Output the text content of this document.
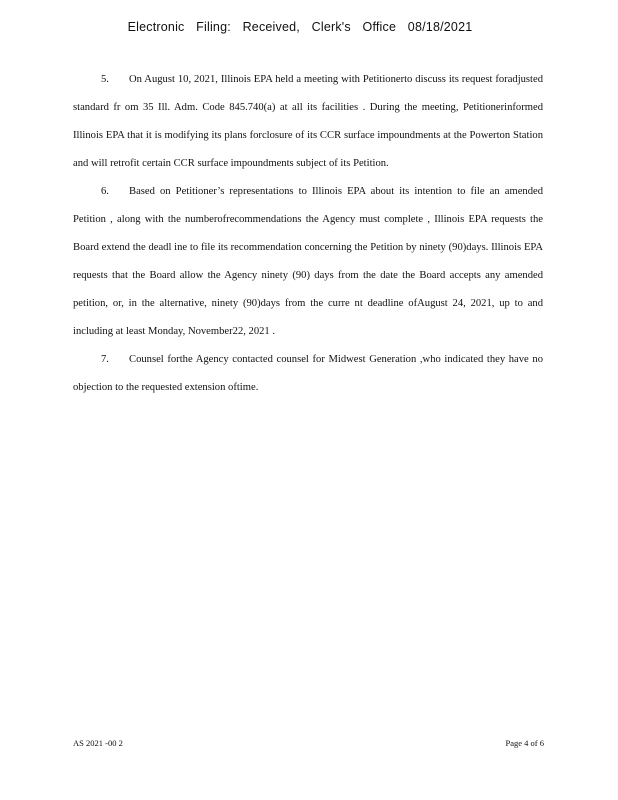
Electronic Filing: Received, Clerk's Office 08/18/2021

5. On August 10, 2021, Illinois EPA held a meeting with Petitionerto discuss its request foradjusted standard fr om 35 Ill. Adm. Code 845.740(a) at all its facilities . During the meeting, Petitionerinformed Illinois EPA that it is modifying its plans forclosure of its CCR surface impoundments at the Powerton Station and will retrofit certain CCR surface impoundments subject of its Petition.

6. Based on Petitioner’s representations to Illinois EPA about its intention to file an amended Petition , along with the numberofrecommendations the Agency must complete , Illinois EPA requests the Board extend the deadl ine to file its recommendation concerning the Petition by ninety (90)days. Illinois EPA requests that the Board allow the Agency ninety (90) days from the date the Board accepts any amended petition, or, in the alternative, ninety (90)days from the curre nt deadline ofAugust 24, 2021, up to and including at least Monday, November22, 2021 .

7. Counsel forthe Agency contacted counsel for Midwest Generation ,who indicated they have no objection to the requested extension oftime.

AS 2021 -00 2	Page 4 of 6
